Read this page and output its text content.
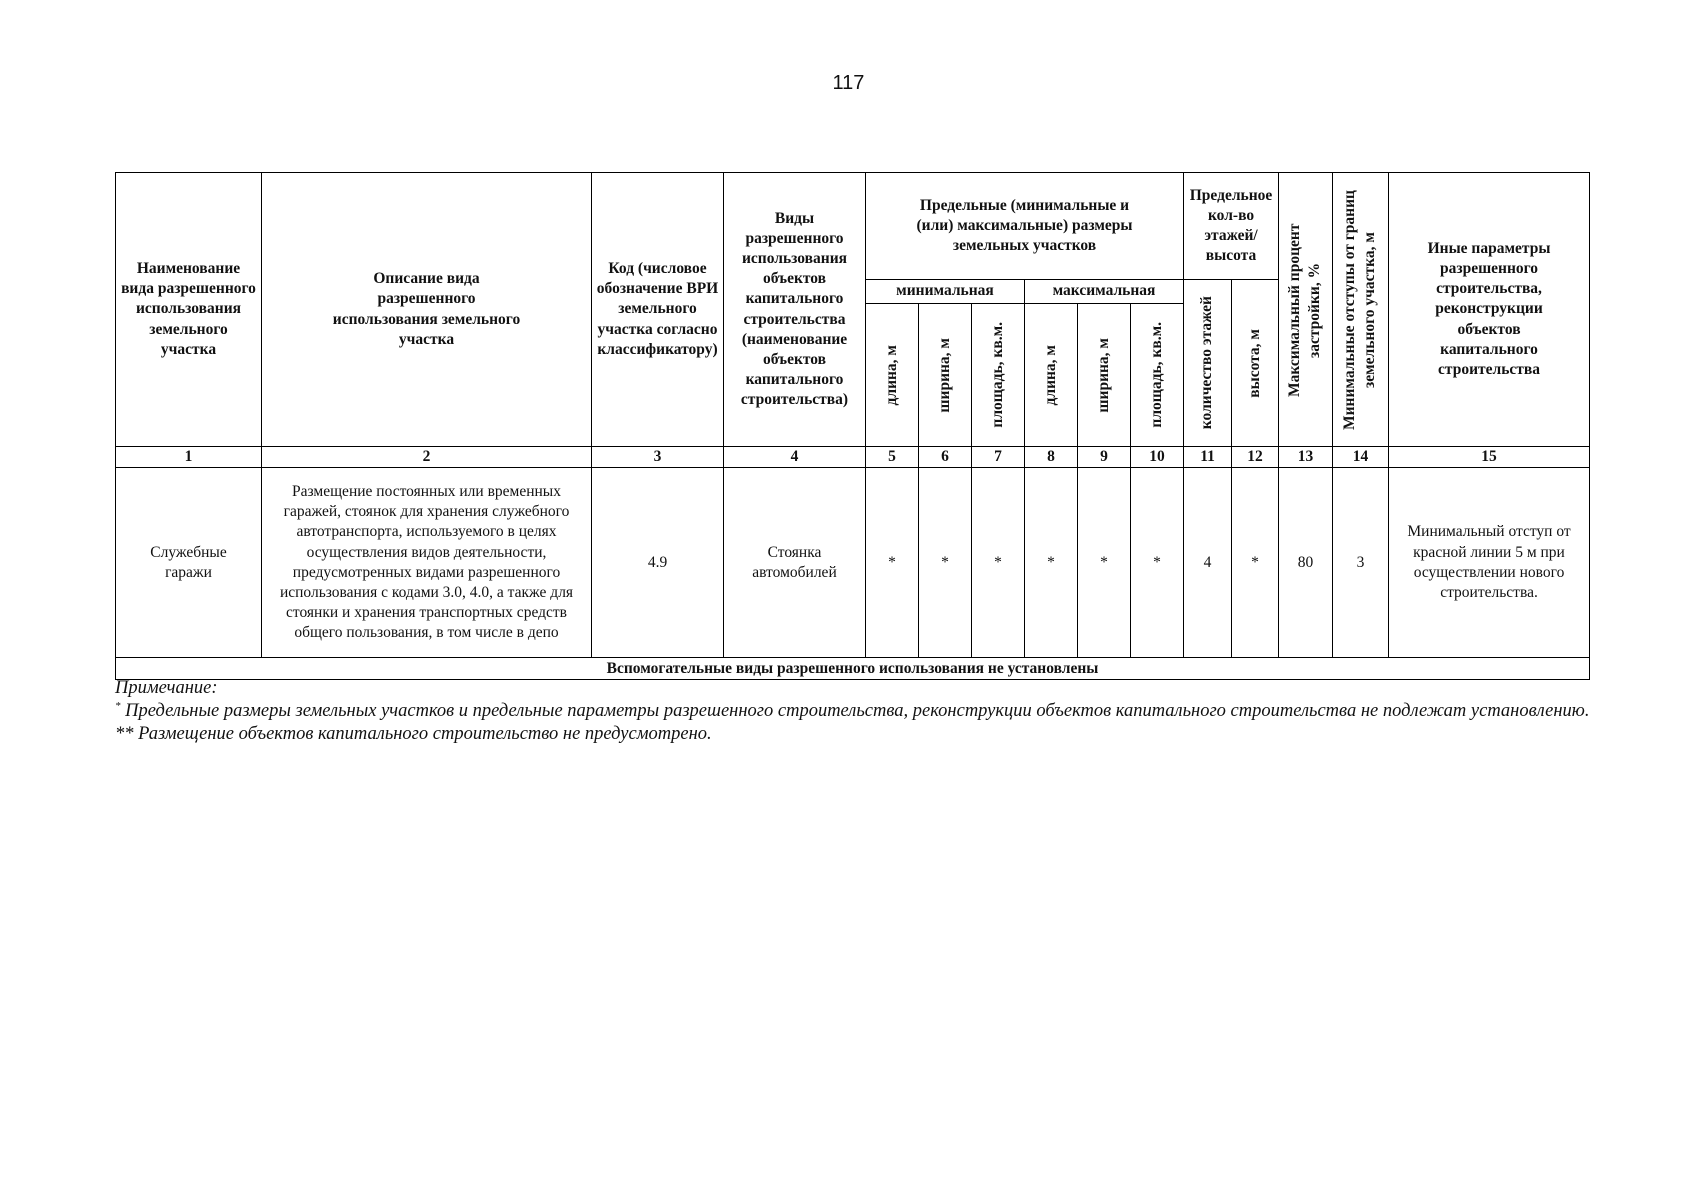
117
Наименование вида разрешенного использования земельного участка	Описание вида разрешенного использования земельного участка	Код (числовое обозначение ВРИ земельного участка согласно классификатору)	Виды разрешенного использования объектов капитального строительства (наименование объектов капитального строительства)	Предельные (минимальные и (или) максимальные) размеры земельных участков						Предельное кол-во этажей/ высота		Максимальный процент застройки, %	Минимальные отступы от границ земельного участка, м	Иные параметры разрешенного строительства, реконструкции объектов капитального строительства

				минимальная			максимальная			количество этажей	высота, м			

				длина, м	ширина, м	площадь, кв.м.	длина, м	ширина, м	площадь, кв.м.					

1	2	3	4	5	6	7	8	9	10	11	12	13	14	15

Служебные гаражи	Размещение постоянных или временных гаражей, стоянок для хранения служебного автотранспорта, используемого в целях осуществления видов деятельности, предусмотренных видами разрешенного использования с кодами 3.0, 4.0, а также для стоянки и хранения транспортных средств общего пользования, в том числе в депо	4.9	Стоянка автомобилей	*	*	*	*	*	*	4	*	80	3	Минимальный отступ от красной линии 5 м при осуществлении нового строительства.

Вспомогательные виды разрешенного использования не установлены														

Примечание:

* Предельные размеры земельных участков и предельные параметры разрешенного строительства, реконструкции объектов капитального строительства не подлежат установлению.

** Размещение объектов капитального строительство не предусмотрено.
